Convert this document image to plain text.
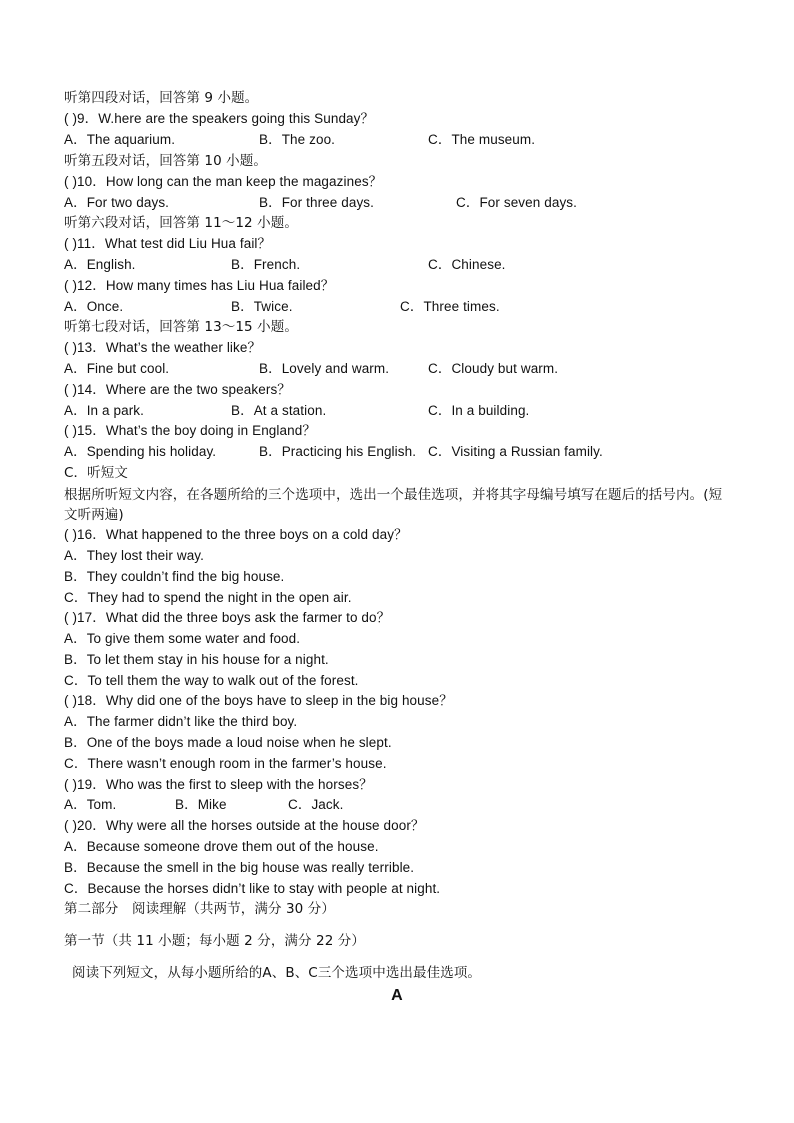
听第四段对话，回答第 9 小题。
( )9．W.here are the speakers going this Sunday？
A．The aquarium.	B．The zoo.	C．The museum.
听第五段对话，回答第 10 小题。
( )10．How long can the man keep the magazines？
A．For two days.	B．For three days.	C．For seven days.
听第六段对话，回答第 11～12 小题。
( )11．What test did Liu Hua fail？
A．English.	B．French.	C．Chinese.
( )12．How many times has Liu Hua failed？
A．Once.	B．Twice.	C．Three times.
听第七段对话，回答第 13～15 小题。
( )13．What’s the weather like？
A．Fine but cool.	B．Lovely and warm.	C．Cloudy but warm.
( )14．Where are the two speakers？
A．In a park.	B．At a station.	C．In a building.
( )15．What’s the boy doing in England？
A．Spending his holiday.	B．Practicing his English. C．Visiting a Russian family.
C．听短文
根据所听短文内容，在各题所给的三个选项中，选出一个最佳选项，并将其字母编号填写在题后的括号内。(短文听两遍)
( )16．What happened to the three boys on a cold day？
A．They lost their way.
B．They couldn’t find the big house.
C．They had to spend the night in the open air.
( )17．What did the three boys ask the farmer to do？
A．To give them some water and food.
B．To let them stay in his house for a night.
C．To tell them the way to walk out of the forest.
( )18．Why did one of the boys have to sleep in the big house？
A．The farmer didn’t like the third boy.
B．One of the boys made a loud noise when he slept.
C．There wasn’t enough room in the farmer’s house.
( )19．Who was the first to sleep with the horses？
A．Tom.	B．Mike	C．Jack.
( )20．Why were all the horses outside at the house door？
A．Because someone drove them out of the house.
B．Because the smell in the big house was really terrible.
C．Because the horses didn’t like to stay with people at night.
第二部分　阅读理解（共两节，满分 30 分）
第一节（共 11 小题；每小题 2 分，满分 22 分）
阅读下列短文，从每小题所给的A、B、C三个选项中选出最佳选项。
A
